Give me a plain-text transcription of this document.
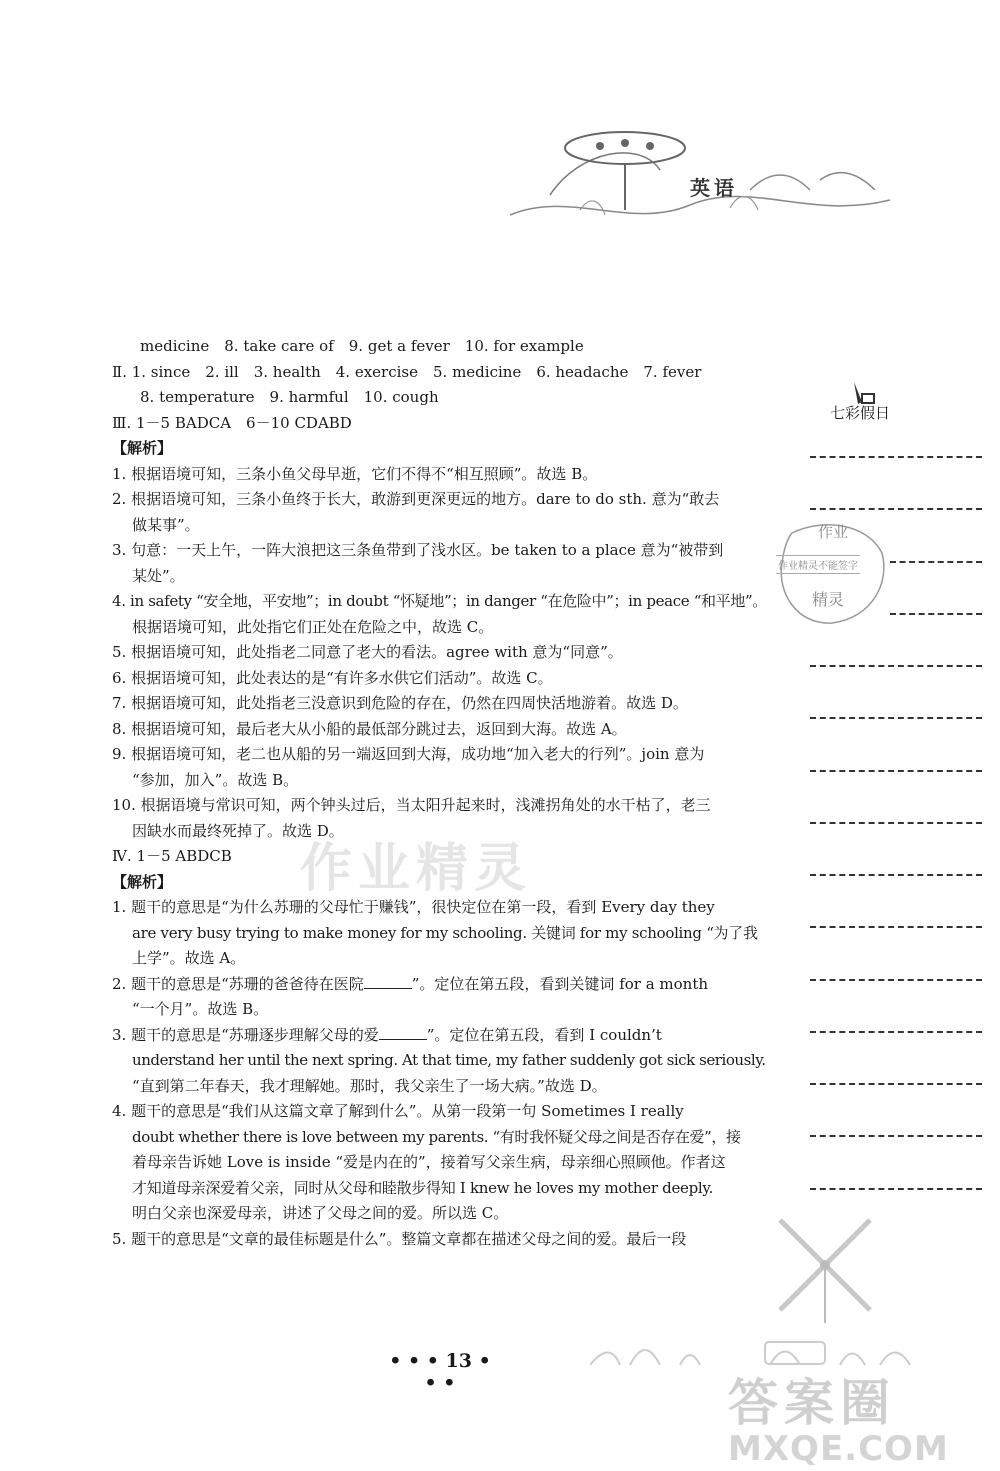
英语
七彩假日
作业
作业精灵不能签字
精灵
作业精灵
medicine　8. take care of　9. get a fever　10. for example
Ⅱ. 1. since　2. ill　3. health　4. exercise　5. medicine　6. headache　7. fever
8. temperature　9. harmful　10. cough
Ⅲ. 1－5 BADCA　6－10 CDABD
【解析】
1. 根据语境可知，三条小鱼父母早逝，它们不得不“相互照顾”。故选 B。
2. 根据语境可知，三条小鱼终于长大，敢游到更深更远的地方。dare to do sth. 意为“敢去
做某事”。
3. 句意：一天上午，一阵大浪把这三条鱼带到了浅水区。be taken to a place 意为“被带到
某处”。
4. in safety “安全地，平安地”；in doubt “怀疑地”；in danger “在危险中”；in peace “和平地”。
根据语境可知，此处指它们正处在危险之中，故选 C。
5. 根据语境可知，此处指老二同意了老大的看法。agree with 意为“同意”。
6. 根据语境可知，此处表达的是“有许多水供它们活动”。故选 C。
7. 根据语境可知，此处指老三没意识到危险的存在，仍然在四周快活地游着。故选 D。
8. 根据语境可知，最后老大从小船的最低部分跳过去，返回到大海。故选 A。
9. 根据语境可知，老二也从船的另一端返回到大海，成功地“加入老大的行列”。join 意为
“参加，加入”。故选 B。
10. 根据语境与常识可知，两个钟头过后，当太阳升起来时，浅滩拐角处的水干枯了，老三
因缺水而最终死掉了。故选 D。
Ⅳ. 1－5 ABDCB
【解析】
1. 题干的意思是“为什么苏珊的父母忙于赚钱”，很快定位在第一段，看到 Every day they
are very busy trying to make money for my schooling. 关键词 for my schooling “为了我
上学”。故选 A。
2. 题干的意思是“苏珊的爸爸待在医院	”。定位在第五段，看到关键词 for a month
“一个月”。故选 B。
3. 题干的意思是“苏珊逐步理解父母的爱	”。定位在第五段，看到 I couldn’t
understand her until the next spring. At that time, my father suddenly got sick seriously.
“直到第二年春天，我才理解她。那时，我父亲生了一场大病。”故选 D。
4. 题干的意思是“我们从这篇文章了解到什么”。从第一段第一句 Sometimes I really
doubt whether there is love between my parents. “有时我怀疑父母之间是否存在爱”，接
着母亲告诉她 Love is inside “爱是内在的”，接着写父亲生病，母亲细心照顾他。作者这
才知道母亲深爱着父亲，同时从父母和睦散步得知 I knew he loves my mother deeply.
明白父亲也深爱母亲，讲述了父母之间的爱。所以选 C。
5. 题干的意思是“文章的最佳标题是什么”。整篇文章都在描述父母之间的爱。最后一段
• • • 13 • • •	答案圈
MXQE.COM
